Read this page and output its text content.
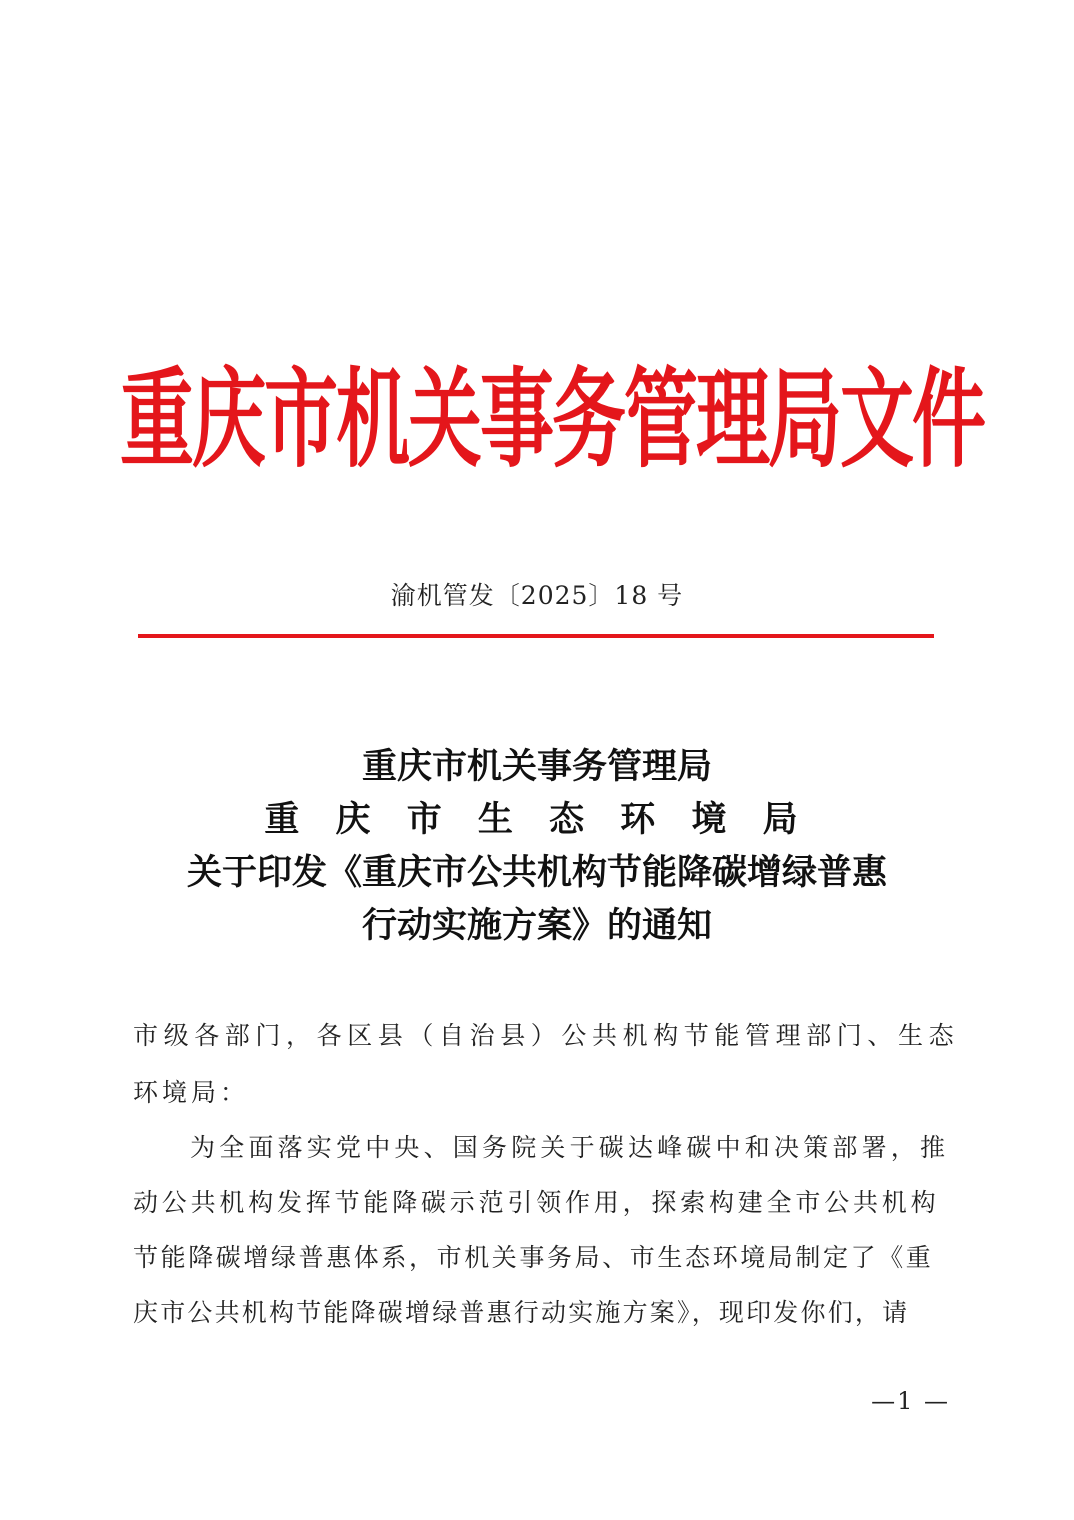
重庆市机关事务管理局文件
渝机管发〔2025〕18 号
重庆市机关事务管理局
重 庆 市 生 态 环 境 局
关于印发《重庆市公共机构节能降碳增绿普惠
行动实施方案》的通知
市级各部门，各区县（自治县）公共机构节能管理部门、生态
环境局：
为全面落实党中央、国务院关于碳达峰碳中和决策部署，推
动公共机构发挥节能降碳示范引领作用，探索构建全市公共机构
节能降碳增绿普惠体系，市机关事务局、市生态环境局制定了《重
庆市公共机构节能降碳增绿普惠行动实施方案》，现印发你们，请
—1 —
